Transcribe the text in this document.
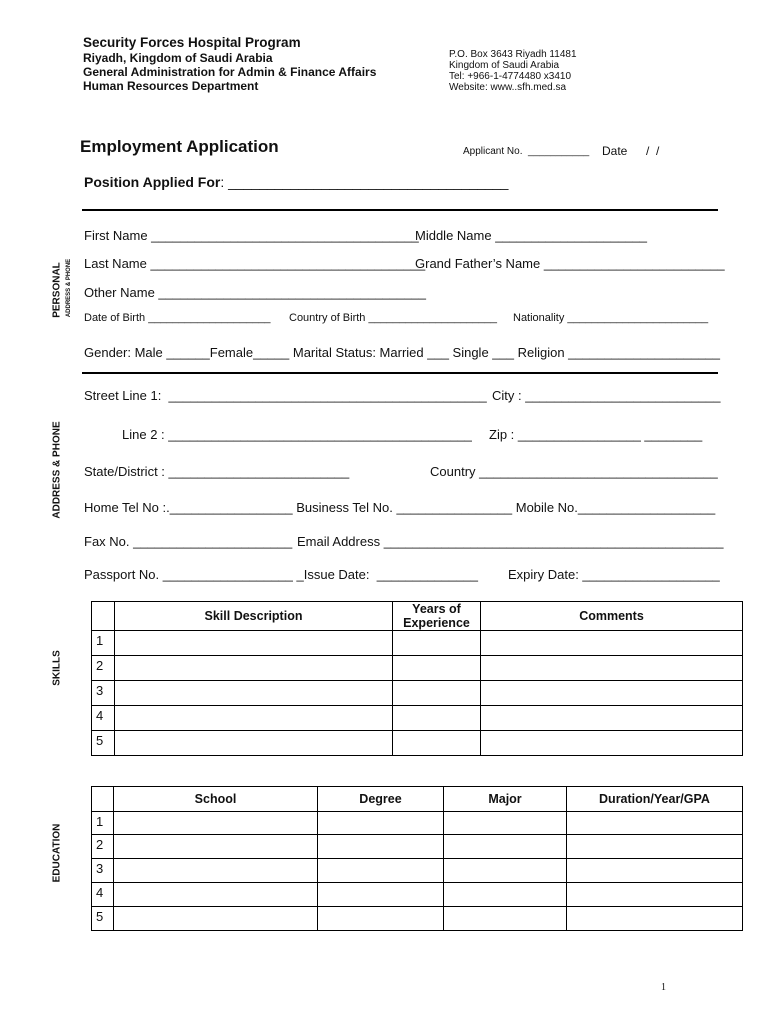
Security Forces Hospital Program
Riyadh, Kingdom of Saudi Arabia
General Administration for Admin & Finance Affairs
Human Resources Department
P.O. Box 3643 Riyadh 11481
Kingdom of Saudi Arabia
Tel: +966-1-4774480 x3410
Website: www..sfh.med.sa
Employment Application	Applicant No.  ___________ Date /  /
Position Applied For: ____________________________________
PERSONAL ADDRESS & PHONE
First Name _____________________________________
Middle Name _____________________
Last Name ______________________________________
Grand Father’s Name _________________________
Other Name _____________________________________
Date of Birth ____________________ Country of Birth _____________________ Nationality _______________________
Gender: Male ______Female_____ Marital Status: Married ___ Single ___ Religion _____________________
ADDRESS & PHONE
Street Line 1:  ____________________________________________ City : ___________________________
Line 2 : __________________________________________ Zip : _________________ ________
State/District : _________________________	Country _________________________________
Home Tel No :._________________ Business Tel No. ________________ Mobile No.___________________
Fax No. ______________________ Email Address _______________________________________________
Passport No. __________________ _Issue Date:  ______________ Expiry Date: ___________________
SKILLS
	Skill Description	Years of
Experience	Comments
1			
2			
3			
4			
5			
EDUCATION
	School	Degree	Major	Duration/Year/GPA
1				
2				
3				
4				
5				
1
